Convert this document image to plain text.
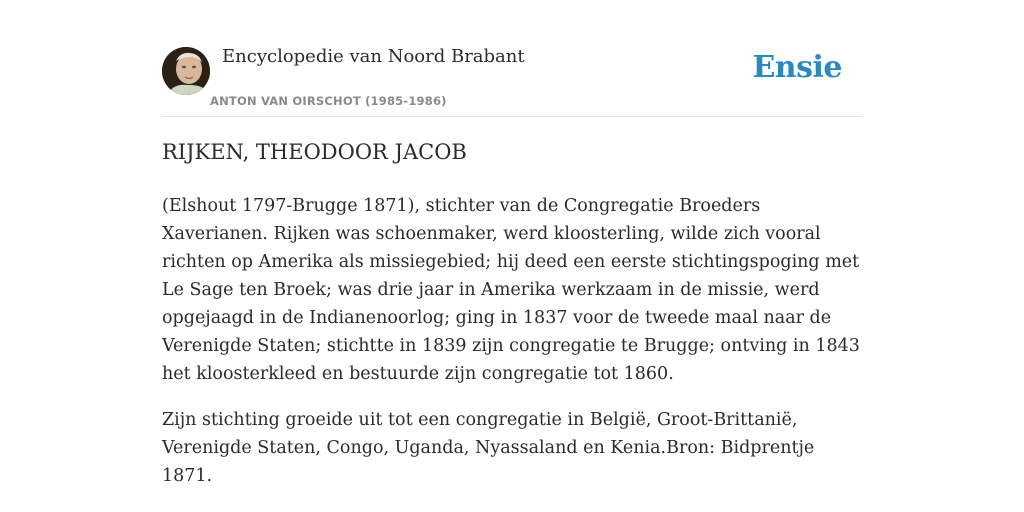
Encyclopedie van Noord Brabant
ANTON VAN OIRSCHOT (1985-1986)
Ensie
RIJKEN, THEODOOR JACOB

(Elshout 1797-Brugge 1871), stichter van de Congregatie Broeders Xaverianen. Rijken was schoenmaker, werd kloosterling, wilde zich vooral richten op Amerika als missiegebied; hij deed een eerste stichtingspoging met Le Sage ten Broek; was drie jaar in Amerika werkzaam in de missie, werd opgejaagd in de Indianenoorlog; ging in 1837 voor de tweede maal naar de Verenigde Staten; stichtte in 1839 zijn congregatie te Brugge; ontving in 1843 het kloosterkleed en bestuurde zijn congregatie tot 1860.

Zijn stichting groeide uit tot een congregatie in België, Groot-Brittanië, Verenigde Staten, Congo, Uganda, Nyassaland en Kenia.Bron: Bidprentje 1871.
